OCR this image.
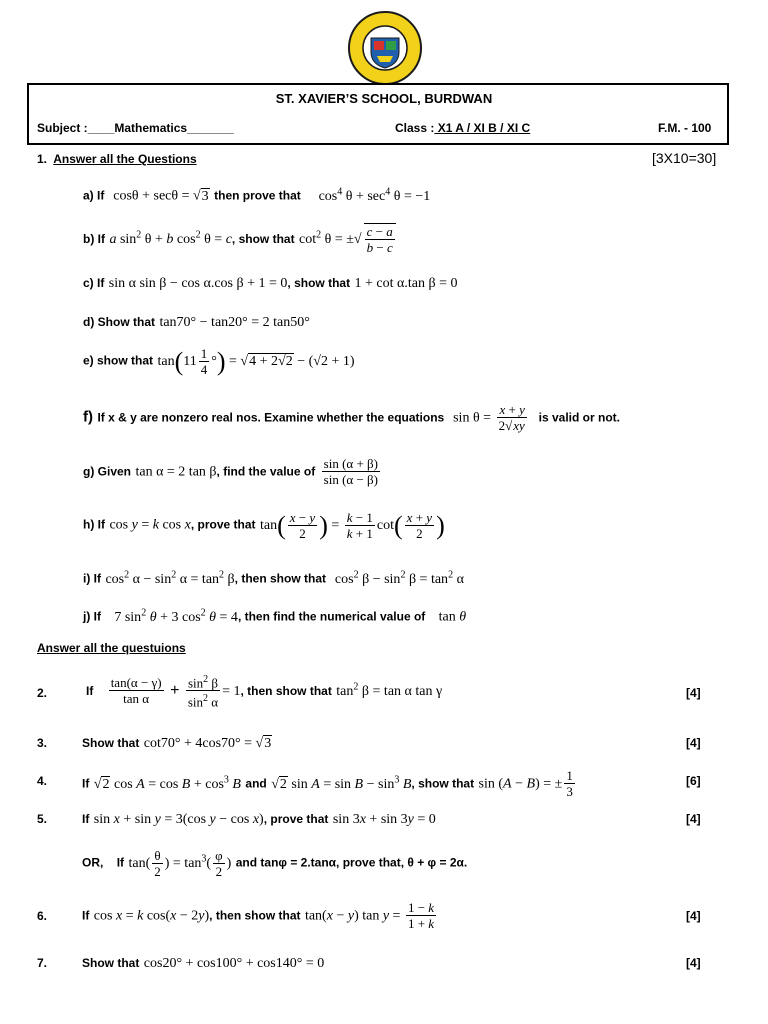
ST. XAVIER’S SCHOOL, BURDWAN
Subject :____Mathematics_______	Class : X1 A / XI B / XI C	F.M. - 100
1. Answer all the Questions	[3X10=30]
a) If cosθ + secθ = √3 then prove that $\cos^4 \theta + \sec^4 \theta = -1$
b) If a $\sin^2 \theta + b$ $\cos^2 \theta = c$, show that $\cot^2 \theta$ = ±√ $\frac{c - a}{b - c}$
c) If sin α sin β − cos α.cos β + 1 = 0, show that 1 + cot α.tan β = 0
d) Show that tan70° − tan20° = 2 tan50°
e) show that $\tan(11 \frac{1}{4}$ °) = √4 + 2√2 − (√2 + 1)
f) If x & y are nonzero real nos. Examine whether the equations $\sin \theta = \frac{x + y}{2√xy}$ is valid or not.
g) Given tan α = 2 tan β, find the value of $\frac{\sin (\alpha + \beta)}{\sin (\alpha - \beta)}$
h) If cos y = k cos x, prove that $\tan( \frac{x - y}{2}$ ) = $\frac{k - 1}{k + 1} \cot( \frac{x + y}{2}$ )
i) If $\cos^2 \alpha - \sin^2 \alpha = \tan^2 \beta$, then show that $\cos^2 \beta - \sin^2 \beta = \tan^2 \alpha$
j) If 7 $\sin^2 \theta + 3$ $\cos^2 \theta = 4$, then find the numerical value of tan θ
Answer all the questuions
2.	If $\frac{\tan(\alpha - \gamma)}{\text{tan α}} + \frac{\sin^2 \beta}{\sin^2 \alpha} = 1$, then show that $\tan^2 \beta = \tan \alpha$ tan γ	[4]
3.	Show that cot70° + 4cos70° = √3	[4]
4.	If √2 $\cos A = \cos B + \cos^3 B$ and √2 $\sin A = \sin B - \sin^3 B$, show that sin (A − B) = ± $\frac{1}{3}$	[6]
5.	If sin x + sin y = 3(cos y − cos x), prove that sin 3x + sin 3y = 0	[4]
OR, If $\tan( \frac{\theta}{2}$ ) = $\tan^3( \frac{\varphi}{2}$ ) and tanφ = 2.tanα, prove that, θ + φ = 2α.
6.	If cos x = k cos(x − 2y), then show that tan(x − y) $\tan y = \frac{1 - k}{1 + k}$	[4]
7.	Show that cos20° + cos100° + cos140° = 0	[4]
